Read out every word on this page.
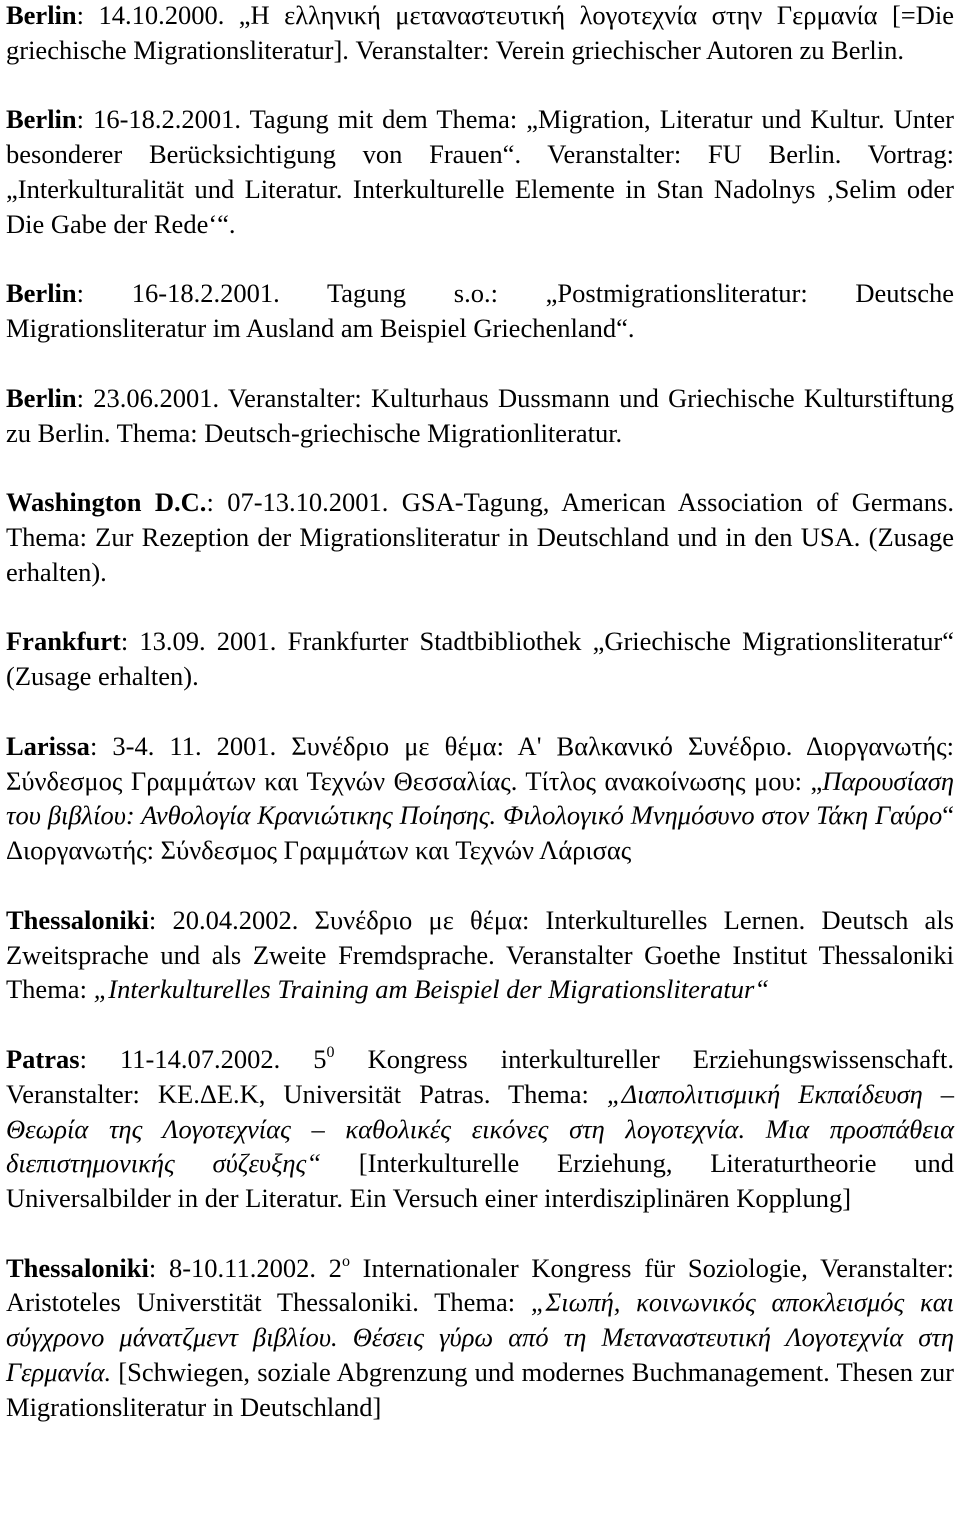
Berlin: 14.10.2000. „Η ελληνική μεταναστευτική λογοτεχνία στην Γερμανία [=Die griechische Migrationsliteratur]. Veranstalter: Verein griechischer Autoren zu Berlin.

Berlin: 16-18.2.2001. Tagung mit dem Thema: „Migration, Literatur und Kultur. Unter besonderer Berücksichtigung von Frauen“. Veranstalter: FU Berlin. Vortrag: „Interkulturalität und Literatur. Interkulturelle Elemente in Stan Nadolnys ‚Selim oder Die Gabe der Rede‘“.

Berlin: 16-18.2.2001. Tagung s.o.: „Postmigrationsliteratur: Deutsche Migrationsliteratur im Ausland am Beispiel Griechenland“.

Berlin: 23.06.2001. Veranstalter: Kulturhaus Dussmann und Griechische Kulturstiftung zu Berlin. Thema: Deutsch-griechische Migrationliteratur.

Washington D.C.: 07-13.10.2001. GSA-Tagung, American Association of Germans. Thema: Zur Rezeption der Migrationsliteratur in Deutschland und in den USA. (Zusage erhalten).

Frankfurt: 13.09. 2001. Frankfurter Stadtbibliothek „Griechische Migrationsliteratur“ (Zusage erhalten).

Larissa: 3-4. 11. 2001. Συνέδριο με θέμα: Α' Βαλκανικό Συνέδριο. Διοργανωτής: Σύνδεσμος Γραμμάτων και Τεχνών Θεσσαλίας. Τίτλος ανακοίνωσης μου: „Παρουσίαση του βιβλίου: Ανθολογία Κρανιώτικης Ποίησης. Φιλολογικό Μνημόσυνο στον Τάκη Γαύρο“ Διοργανωτής: Σύνδεσμος Γραμμάτων και Τεχνών Λάρισας

Thessaloniki: 20.04.2002. Συνέδριο με θέμα: Interkulturelles Lernen. Deutsch als Zweitsprache und als Zweite Fremdsprache. Veranstalter Goethe Institut Thessaloniki Thema: „Interkulturelles Training am Beispiel der Migrationsliteratur“

Patras: 11-14.07.2002. $5^0$ Kongress interkultureller Erziehungswissenschaft. Veranstalter: ΚΕ.ΔΕ.Κ, Universität Patras. Thema: „Διαπολιτισμική Εκπαίδευση – Θεωρία της Λογοτεχνίας – καθολικές εικόνες στη λογοτεχνία. Μια προσπάθεια διεπιστημονικής σύζευξης“ [Interkulturelle Erziehung, Literaturtheorie und Universalbilder in der Literatur. Ein Versuch einer interdisziplinären Kopplung]

Thessaloniki: 8-10.11.2002. 2$^o$ Internationaler Kongress für Soziologie, Veranstalter: Aristoteles Universtität Thessaloniki. Thema: „Σιωπή, κοινωνικός αποκλεισμός και σύγχρονο μάνατζμεντ βιβλίου. Θέσεις γύρω από τη Μεταναστευτική Λογοτεχνία στη Γερμανία. [Schwiegen, soziale Abgrenzung und modernes Buchmanagement. Thesen zur Migrationsliteratur in Deutschland]
